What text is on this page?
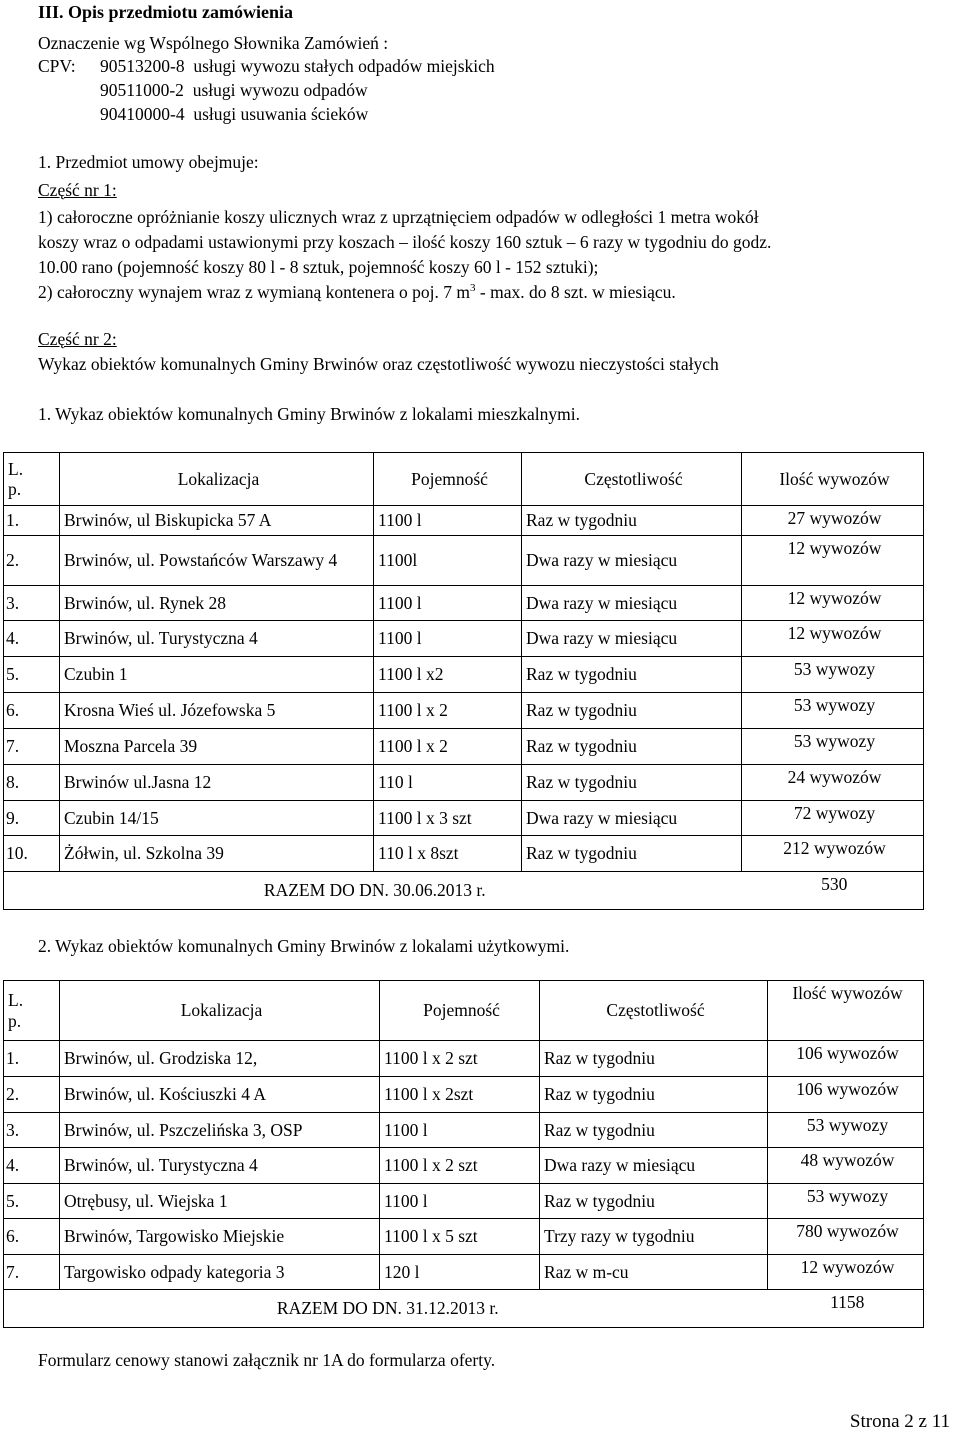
III. Opis przedmiotu zamówienia
Oznaczenie wg Wspólnego Słownika Zamówień :
CPV: 90513200-8 usługi wywozu stałych odpadów miejskich
90511000-2 usługi wywozu odpadów
90410000-4 usługi usuwania ścieków
1. Przedmiot umowy obejmuje:
Część nr 1:
1) całoroczne opróżnianie koszy ulicznych wraz z uprzątnięciem odpadów w odległości 1 metra wokół
koszy wraz o odpadami ustawionymi przy koszach – ilość koszy 160 sztuk – 6 razy w tygodniu do godz.
10.00 rano (pojemność koszy 80 l - 8 sztuk, pojemność koszy 60 l - 152 sztuki);
2) całoroczny wynajem wraz z wymianą kontenera o poj. 7 $m^3$ - max. do 8 szt. w miesiącu.
Część nr 2:
Wykaz obiektów komunalnych Gminy Brwinów oraz częstotliwość wywozu nieczystości stałych
1. Wykaz obiektów komunalnych Gminy Brwinów z lokalami mieszkalnymi.
L.
p.	Lokalizacja	Pojemność	Częstotliwość	Ilość wywozów
1.	Brwinów, ul Biskupicka 57 A	1100 l	Raz w tygodniu	27 wywozów
2.	Brwinów, ul. Powstańców Warszawy 4	1100l	Dwa razy w miesiącu	12 wywozów
3.	Brwinów, ul. Rynek 28	1100 l	Dwa razy w miesiącu	12 wywozów
4.	Brwinów, ul. Turystyczna 4	1100 l	Dwa razy w miesiącu	12 wywozów
5.	Czubin 1	1100 l x2	Raz w tygodniu	53 wywozy
6.	Krosna Wieś ul. Józefowska 5	1100 l x 2	Raz w tygodniu	53 wywozy
7.	Moszna Parcela 39	1100 l x 2	Raz w tygodniu	53 wywozy
8.	Brwinów ul.Jasna 12	110 l	Raz w tygodniu	24 wywozów
9.	Czubin 14/15	1100 l x 3 szt	Dwa razy w miesiącu	72 wywozy
10.	Żółwin, ul. Szkolna 39	110 l x 8szt	Raz w tygodniu	212 wywozów
RAZEM DO DN. 30.06.2013 r.				530
2. Wykaz obiektów komunalnych Gminy Brwinów z lokalami użytkowymi.
L.
p.	Lokalizacja	Pojemność	Częstotliwość	Ilość wywozów
1.	Brwinów, ul. Grodziska 12,	1100 l x 2 szt	Raz w tygodniu	106 wywozów
2.	Brwinów, ul. Kościuszki 4 A	1100 l x 2szt	Raz w tygodniu	106 wywozów
3.	Brwinów, ul. Pszczelińska 3, OSP	1100 l	Raz w tygodniu	53 wywozy
4.	Brwinów, ul. Turystyczna 4	1100 l x 2 szt	Dwa razy w miesiącu	48 wywozów
5.	Otrębusy, ul. Wiejska 1	1100 l	Raz w tygodniu	53 wywozy
6.	Brwinów, Targowisko Miejskie	1100 l x 5 szt	Trzy razy w tygodniu	780 wywozów
7.	Targowisko odpady kategoria 3	120 l	Raz w m-cu	12 wywozów
RAZEM DO DN. 31.12.2013 r.				1158
Formularz cenowy stanowi załącznik nr 1A do formularza oferty.
Strona 2 z 11
